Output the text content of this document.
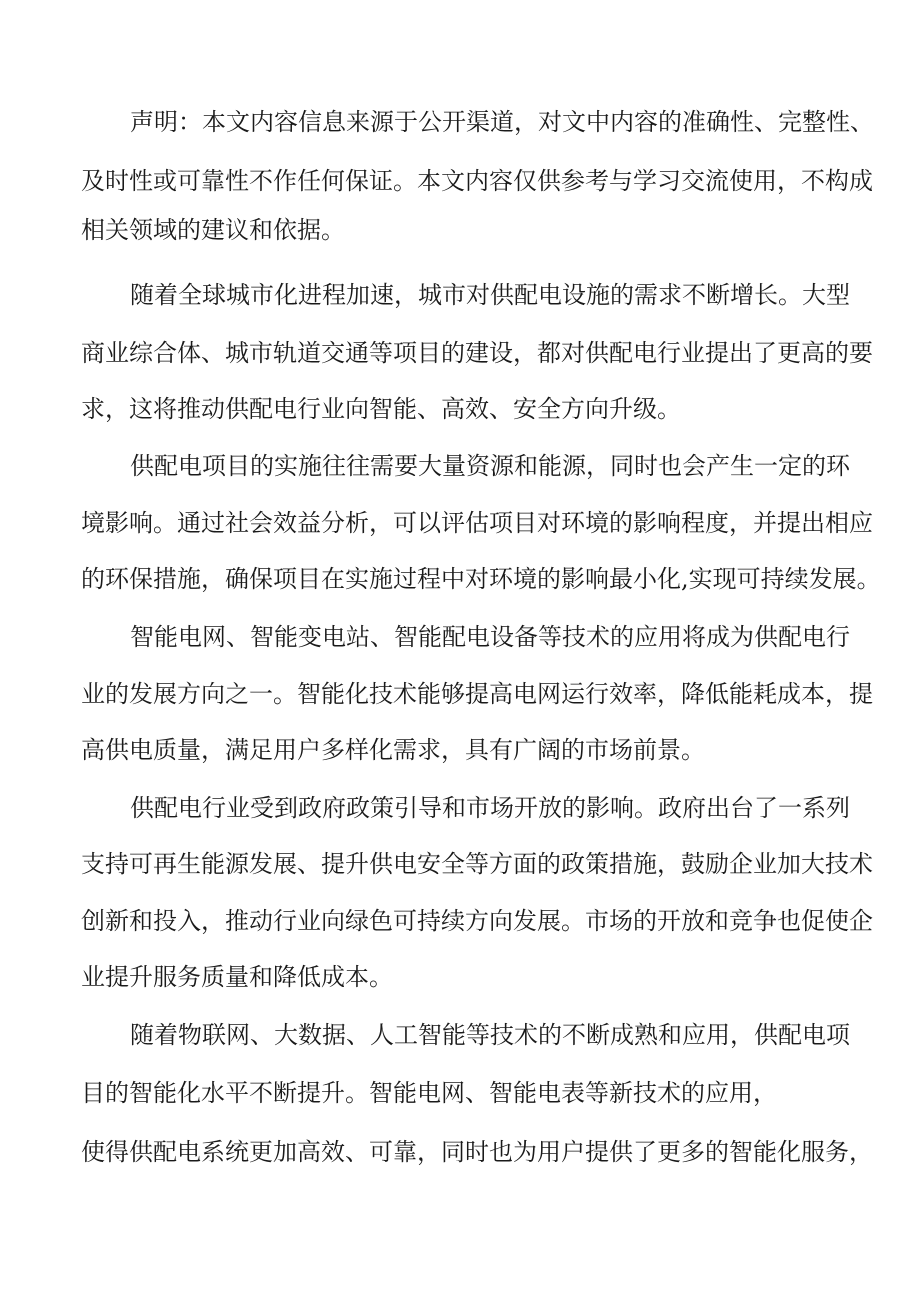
声明：本文内容信息来源于公开渠道，对文中内容的准确性、完整性、

及时性或可靠性不作任何保证。本文内容仅供参考与学习交流使用，不构成

相关领域的建议和依据。

随着全球城市化进程加速，城市对供配电设施的需求不断增长。大型

商业综合体、城市轨道交通等项目的建设，都对供配电行业提出了更高的要

求，这将推动供配电行业向智能、高效、安全方向升级。

供配电项目的实施往往需要大量资源和能源，同时也会产生一定的环

境影响。通过社会效益分析，可以评估项目对环境的影响程度，并提出相应

的环保措施，确保项目在实施过程中对环境的影响最小化,实现可持续发展。

智能电网、智能变电站、智能配电设备等技术的应用将成为供配电行

业的发展方向之一。智能化技术能够提高电网运行效率，降低能耗成本，提

高供电质量，满足用户多样化需求，具有广阔的市场前景。

供配电行业受到政府政策引导和市场开放的影响。政府出台了一系列

支持可再生能源发展、提升供电安全等方面的政策措施，鼓励企业加大技术

创新和投入，推动行业向绿色可持续方向发展。市场的开放和竞争也促使企

业提升服务质量和降低成本。

随着物联网、大数据、人工智能等技术的不断成熟和应用，供配电项

目的智能化水平不断提升。智能电网、智能电表等新技术的应用，

使得供配电系统更加高效、可靠，同时也为用户提供了更多的智能化服务，
